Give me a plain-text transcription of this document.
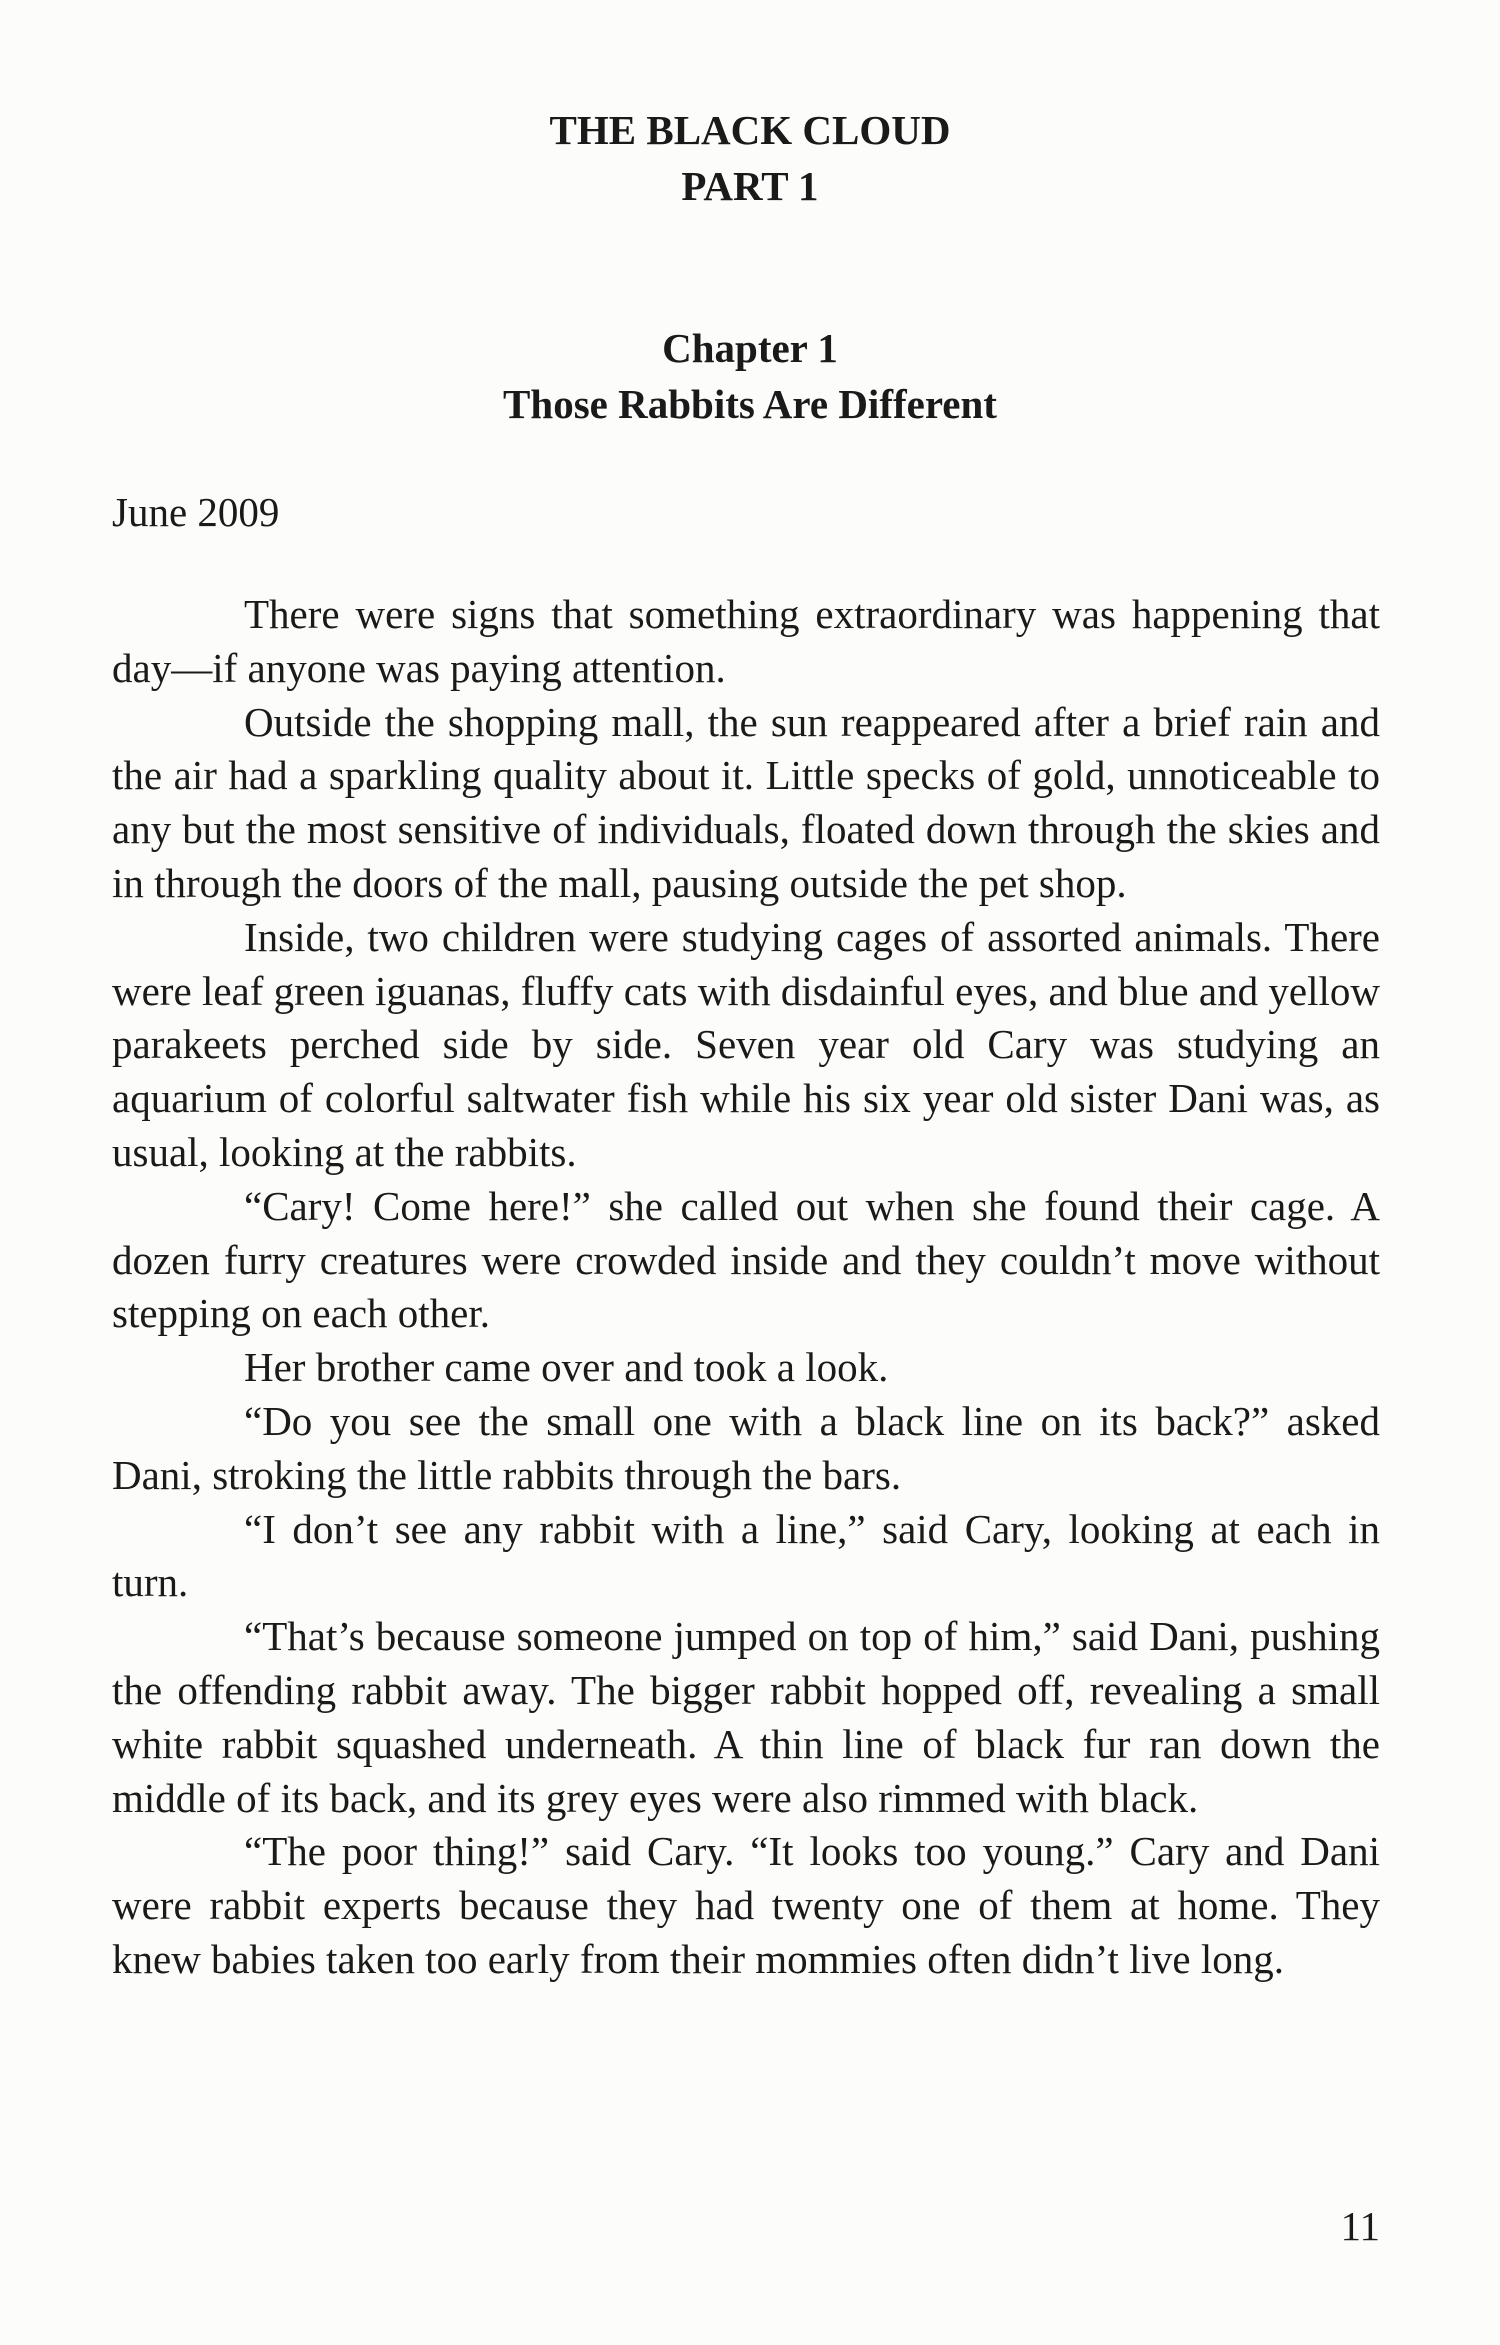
THE BLACK CLOUD
PART 1
Chapter 1
Those Rabbits Are Different
June 2009

There were signs that something extraordinary was happening that day—if anyone was paying attention.

Outside the shopping mall, the sun reappeared after a brief rain and the air had a sparkling quality about it. Little specks of gold, unnoticeable to any but the most sensitive of individuals, floated down through the skies and in through the doors of the mall, pausing outside the pet shop.

Inside, two children were studying cages of assorted animals. There were leaf green iguanas, fluffy cats with disdainful eyes, and blue and yellow parakeets perched side by side. Seven year old Cary was studying an aquarium of colorful saltwater fish while his six year old sister Dani was, as usual, looking at the rabbits.

“Cary! Come here!” she called out when she found their cage. A dozen furry creatures were crowded inside and they couldn’t move without stepping on each other.

Her brother came over and took a look.

“Do you see the small one with a black line on its back?” asked Dani, stroking the little rabbits through the bars.

“I don’t see any rabbit with a line,” said Cary, looking at each in turn.

“That’s because someone jumped on top of him,” said Dani, pushing the offending rabbit away. The bigger rabbit hopped off, revealing a small white rabbit squashed underneath. A thin line of black fur ran down the middle of its back, and its grey eyes were also rimmed with black.

“The poor thing!” said Cary. “It looks too young.” Cary and Dani were rabbit experts because they had twenty one of them at home. They knew babies taken too early from their mommies often didn’t live long.

11
